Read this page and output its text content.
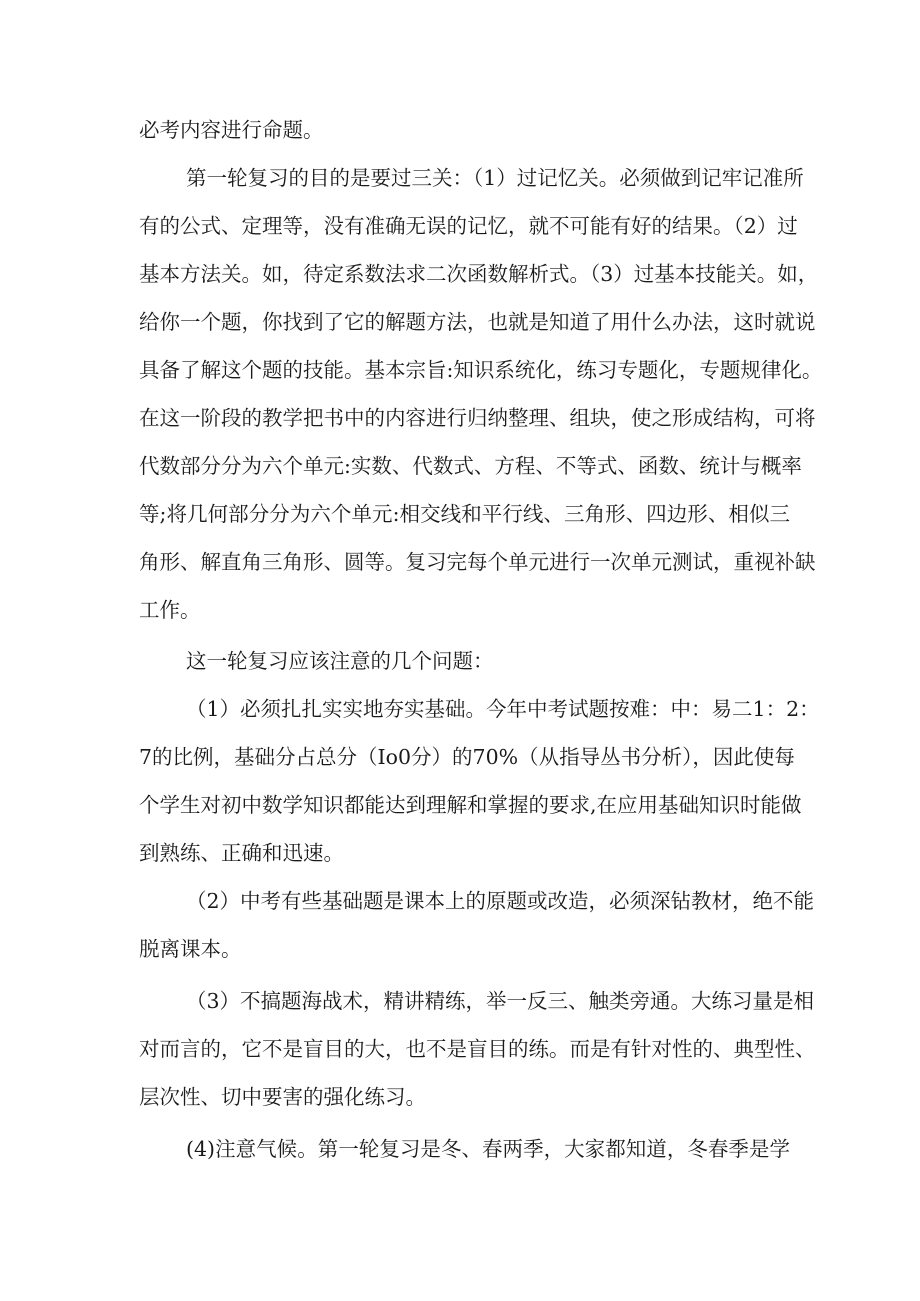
必考内容进行命题。

第一轮复习的目的是要过三关：（1）过记忆关。必须做到记牢记准所

有的公式、定理等，没有准确无误的记忆，就不可能有好的结果。（2）过

基本方法关。如，待定系数法求二次函数解析式。（3）过基本技能关。如，

给你一个题，你找到了它的解题方法，也就是知道了用什么办法，这时就说

具备了解这个题的技能。基本宗旨:知识系统化，练习专题化，专题规律化。

在这一阶段的教学把书中的内容进行归纳整理、组块，使之形成结构，可将

代数部分分为六个单元:实数、代数式、方程、不等式、函数、统计与概率

等;将几何部分分为六个单元:相交线和平行线、三角形、四边形、相似三

角形、解直角三角形、圆等。复习完每个单元进行一次单元测试，重视补缺

工作。

这一轮复习应该注意的几个问题：

（1）必须扎扎实实地夯实基础。今年中考试题按难：中：易二1：2：

7的比例，基础分占总分（Io0分）的70%（从指导丛书分析），因此使每

个学生对初中数学知识都能达到理解和掌握的要求,在应用基础知识时能做

到熟练、正确和迅速。

（2）中考有些基础题是课本上的原题或改造，必须深钻教材，绝不能

脱离课本。

（3）不搞题海战术，精讲精练，举一反三、触类旁通。大练习量是相

对而言的，它不是盲目的大，也不是盲目的练。而是有针对性的、典型性、

层次性、切中要害的强化练习。

(4)注意气候。第一轮复习是冬、春两季，大家都知道，冬春季是学
